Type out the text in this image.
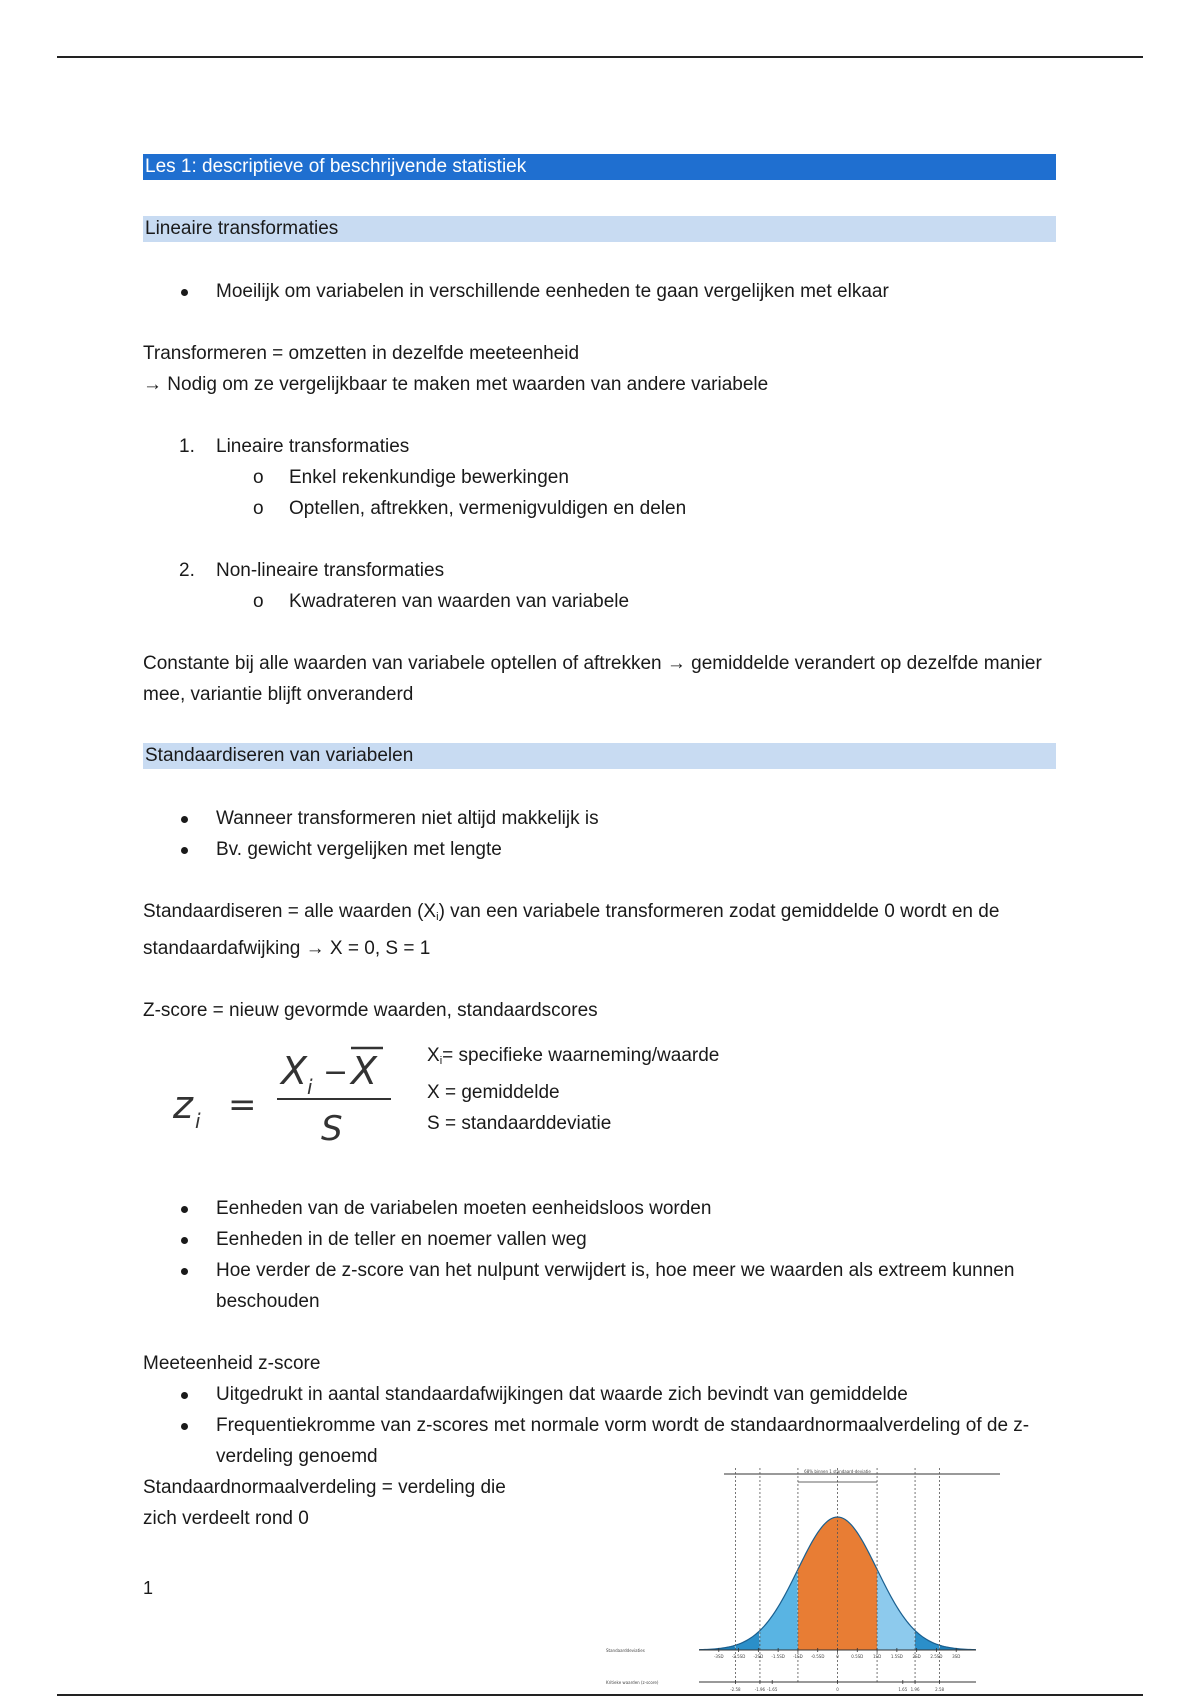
Les 1: descriptieve of beschrijvende statistiek
Lineaire transformaties
Moeilijk om variabelen in verschillende eenheden te gaan vergelijken met elkaar

Transformeren = omzetten in dezelfde meeteenheid

→ Nodig om ze vergelijkbaar te maken met waarden van andere variabele

1. Lineaire transformaties
o Enkel rekenkundige bewerkingen
o Optellen, aftrekken, vermenigvuldigen en delen
2. Non-lineaire transformaties
o Kwadrateren van waarden van variabele

Constante bij alle waarden van variabele optellen of aftrekken → gemiddelde verandert op dezelfde manier mee, variantie blijft onveranderd

Standaardiseren van variabelen
Wanneer transformeren niet altijd makkelijk is
Bv. gewicht vergelijken met lengte

Standaardiseren = alle waarden (Xi) van een variabele transformeren zodat gemiddelde 0 wordt en de standaardafwijking → X = 0, S = 1

Z-score = nieuw gevormde waarden, standaardscores

z i =
X i − X
S

Xi= specifieke waarneming/waarde

X = gemiddelde

S = standaarddeviatie

Eenheden van de variabelen moeten eenheidsloos worden
Eenheden in de teller en noemer vallen weg
Hoe verder de z-score van het nulpunt verwijdert is, hoe meer we waarden als extreem kunnen beschouden

Meeteenheid z-score

Uitgedrukt in aantal standaardafwijkingen dat waarde zich bevindt van gemiddelde
Frequentiekromme van z-scores met normale vorm wordt de standaardnormaalverdeling of de z-verdeling genoemd

Standaardnormaalverdeling = verdeling die zich verdeelt rond 0

1
68% binnen 1 standaard-deviatie
Standaarddeviaties
-3SD -2.5SD -2SD -1.5SD -1SD -0.5SD	0	0.5SD 1SD 1.5SD 2SD 2.5SD 3SD
Kritieke waarden (z-score)
-2.58	-1.96 -1.65	0	1.65 1.96	2.58
